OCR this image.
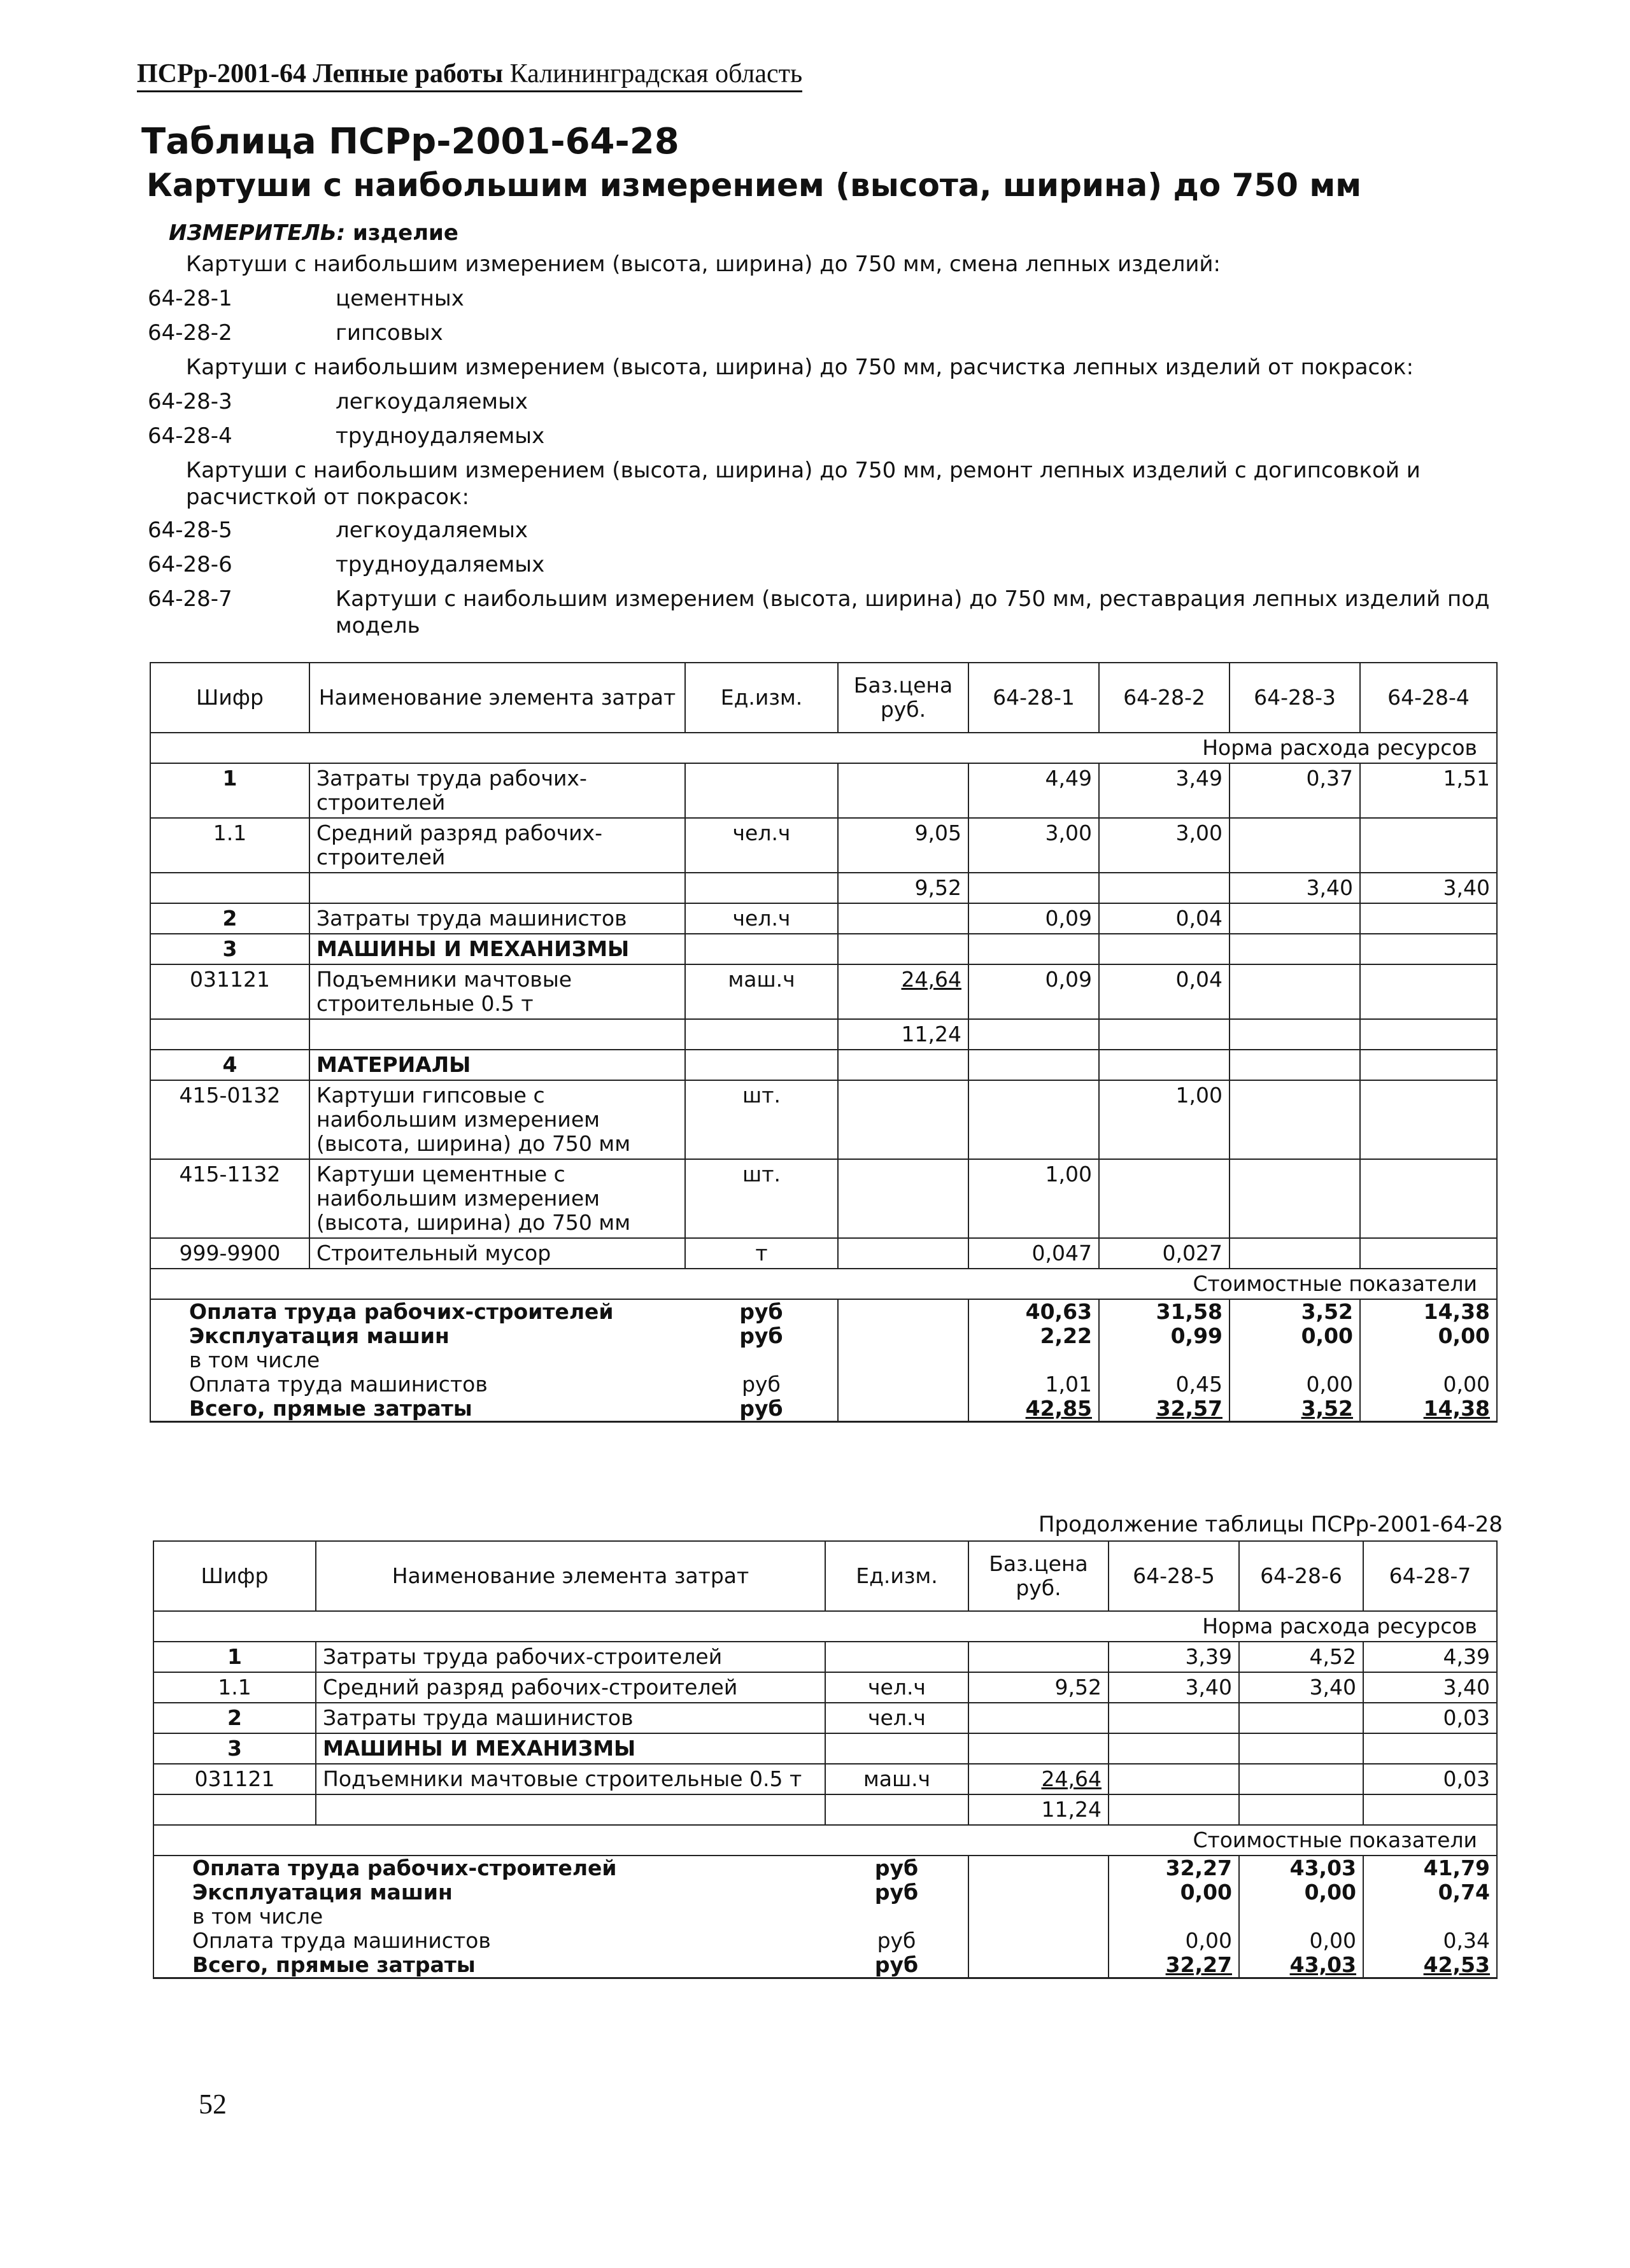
ПСРр-2001-64 Лепные работы Калининградская область
Таблица ПСРр-2001-64-28
Картуши с наибольшим измерением (высота, ширина) до 750 мм
ИЗМЕРИТЕЛЬ: изделие
Картуши с наибольшим измерением (высота, ширина) до 750 мм, смена лепных изделий:
64-28-1	цементных
64-28-2	гипсовых
Картуши с наибольшим измерением (высота, ширина) до 750 мм, расчистка лепных изделий от покрасок:
64-28-3	легкоудаляемых
64-28-4	трудноудаляемых
Картуши с наибольшим измерением (высота, ширина) до 750 мм, ремонт лепных изделий с догипсовкой и
расчисткой от покрасок:
64-28-5	легкоудаляемых
64-28-6	трудноудаляемых
64-28-7	Картуши с наибольшим измерением (высота, ширина) до 750 мм, реставрация лепных изделий под
модель
Шифр	Наименование элемента затрат	Ед.изм.	Баз.цена руб.	64-28-1	64-28-2	64-28-3	64-28-4
Норма расхода ресурсов							
1	Затраты труда рабочих-строителей			4,49	3,49	0,37	1,51
1.1	Средний разряд рабочих-строителей	чел.ч	9,05	3,00	3,00		
			9,52			3,40	3,40
2	Затраты труда машинистов	чел.ч		0,09	0,04		
3	МАШИНЫ И МЕХАНИЗМЫ						
031121	Подъемники мачтовые строительные 0.5 т	маш.ч	24,64	0,09	0,04		
			11,24				
4	МАТЕРИАЛЫ						
415-0132	Картуши гипсовые с наибольшим измерением (высота, ширина) до 750 мм	шт.			1,00		
415-1132	Картуши цементные с наибольшим измерением (высота, ширина) до 750 мм	шт.		1,00			
999-9900	Строительный мусор	т		0,047	0,027		
Стоимостные показатели							
Оплата труда рабочих-строителей		руб		40,63	31,58	3,52	14,38
Эксплуатация машин		руб		2,22	0,99	0,00	0,00
в том числе							
Оплата труда машинистов		руб		1,01	0,45	0,00	0,00
Всего, прямые затраты		руб		42,85	32,57	3,52	14,38
Продолжение таблицы ПСРр-2001-64-28
Шифр	Наименование элемента затрат	Ед.изм.	Баз.цена руб.	64-28-5	64-28-6	64-28-7
Норма расхода ресурсов						
1	Затраты труда рабочих-строителей			3,39	4,52	4,39
1.1	Средний разряд рабочих-строителей	чел.ч	9,52	3,40	3,40	3,40
2	Затраты труда машинистов	чел.ч				0,03
3	МАШИНЫ И МЕХАНИЗМЫ					
031121	Подъемники мачтовые строительные 0.5 т	маш.ч	24,64			0,03
			11,24			
Стоимостные показатели						
Оплата труда рабочих-строителей		руб		32,27	43,03	41,79
Эксплуатация машин		руб		0,00	0,00	0,74
в том числе						
Оплата труда машинистов		руб		0,00	0,00	0,34
Всего, прямые затраты		руб		32,27	43,03	42,53
52
